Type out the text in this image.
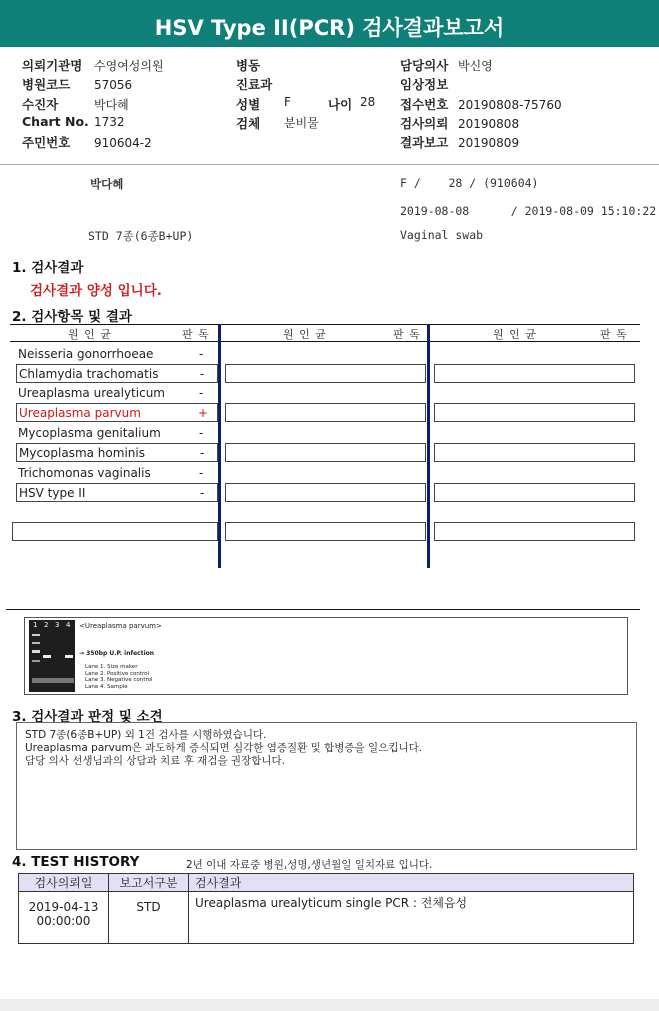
HSV Type II(PCR) 검사결과보고서
의뢰기관명 수영여성의원
병원코드 57056
수진자	박다혜
Chart No. 1732
주민번호 910604-2
병동
진료과
성별 F	나이 28
검체 분비물
담당의사 박신영
임상정보
접수번호 20190808-75760
검사의뢰 20190808
결과보고 20190809
박다혜	F /    28 / (910604)
2019-08-08      / 2019-08-09 15:10:22
STD 7종(6종B+UP)	Vaginal swab
1. 검사결과
검사결과 양성 입니다.
2. 검사항목 및 결과
원 인 균	판 독	원 인 균	판 독	원 인 균	판 독
Neisseria gonorrhoeae	-
Chlamydia trachomatis	-
Ureaplasma urealyticum	-
Ureaplasma parvum	+
Mycoplasma genitalium	-
Mycoplasma hominis	-
Trichomonas vaginalis	-
HSV type II	-
1 2 3 4 <Ureaplasma parvum>
→ 350bp U.P. infection
Lane 1. Size maker
Lane 2. Positive control
Lane 3. Negative control
Lane 4. Sample
3. 검사결과 판정 및 소견
STD 7종(6종B+UP) 외 1건 검사를 시행하였습니다.
Ureaplasma parvum은 과도하게 증식되면 심각한 염증질환 및 합병증을 일으킵니다.
담당 의사 선생님과의 상담과 치료 후 재검을 권장합니다.
4. TEST HISTORY	2년 이내 자료중 병원,성명,생년월일 일치자료 입니다.
검사의뢰일	보고서구분	검사결과

2019-04-13
00:00:00	STD	Ureaplasma urealyticum single PCR : 전체음성
